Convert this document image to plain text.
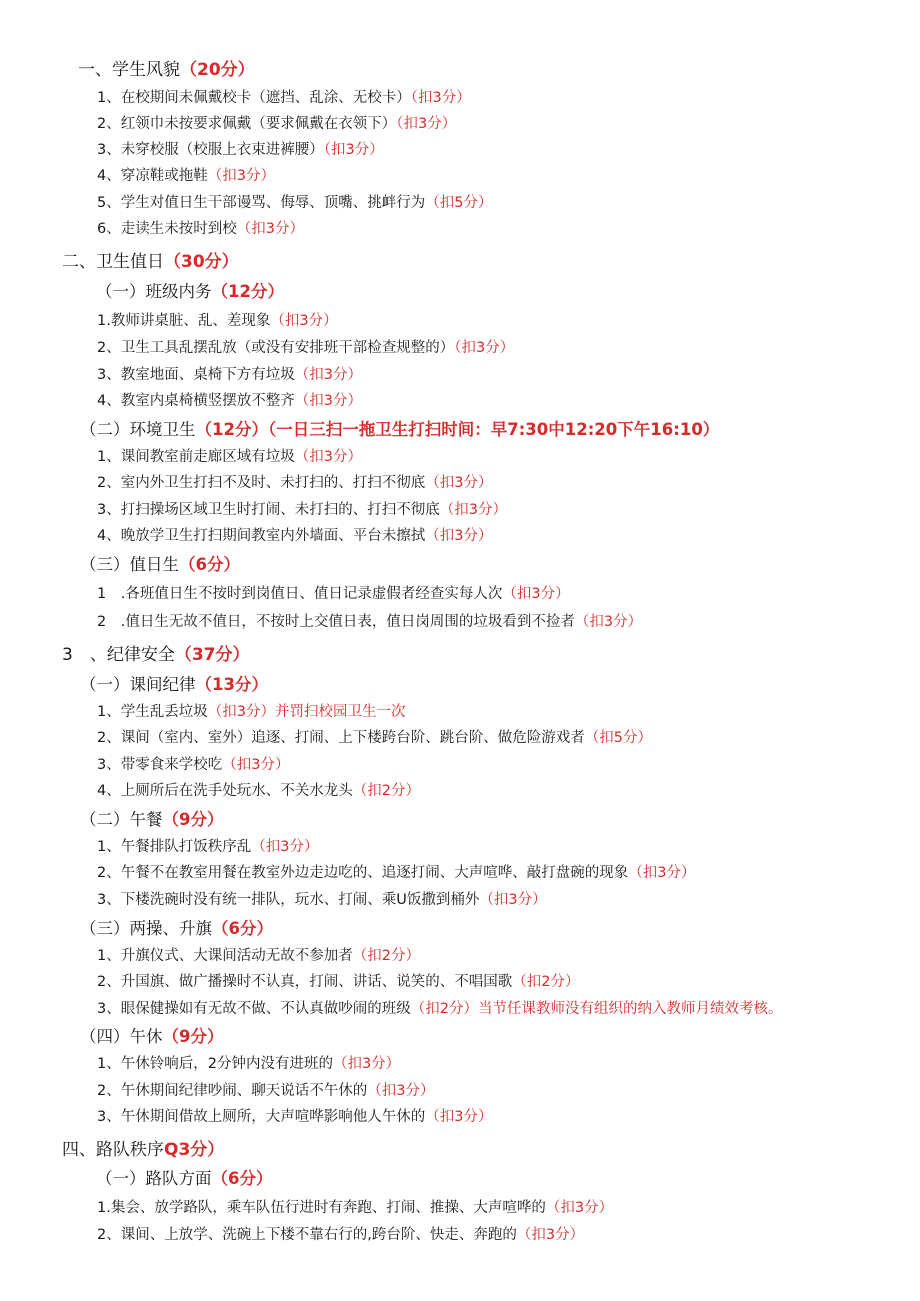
一、学生风貌（20分）
1、在校期间未佩戴校卡（遮挡、乱涂、无校卡）（扣3分）
2、红领巾未按要求佩戴（要求佩戴在衣领下）（扣3分）
3、未穿校服（校服上衣束进裤腰）（扣3分）
4、穿凉鞋或拖鞋（扣3分）
5、学生对值日生干部谩骂、侮辱、顶嘴、挑衅行为（扣5分）
6、走读生未按时到校（扣3分）
二、卫生值日（30分）
（一）班级内务（12分）
1.教师讲桌脏、乱、差现象（扣3分）
2、卫生工具乱摆乱放（或没有安排班干部检查规整的）（扣3分）
3、教室地面、桌椅下方有垃圾（扣3分）
4、教室内桌椅横竖摆放不整齐（扣3分）
（二）环境卫生（12分）（一日三扫一拖卫生打扫时间：早7:30中12:20下午16:10）
1、课间教室前走廊区域有垃圾（扣3分）
2、室内外卫生打扫不及时、未打扫的、打扫不彻底（扣3分）
3、打扫操场区域卫生时打闹、未打扫的、打扫不彻底（扣3分）
4、晚放学卫生打扫期间教室内外墙面、平台未擦拭（扣3分）
（三）值日生（6分）
1　.各班值日生不按时到岗值日、值日记录虚假者经查实每人次（扣3分）
2　.值日生无故不值日，不按时上交值日表，值日岗周围的垃圾看到不捡者（扣3分）
3　、纪律安全（37分）
（一）课间纪律（13分）
1、学生乱丢垃圾（扣3分）并罚扫校园卫生一次
2、课间（室内、室外）追逐、打闹、上下楼跨台阶、跳台阶、做危险游戏者（扣5分）
3、带零食来学校吃（扣3分）
4、上厕所后在洗手处玩水、不关水龙头（扣2分）
（二）午餐（9分）
1、午餐排队打饭秩序乱（扣3分）
2、午餐不在教室用餐在教室外边走边吃的、追逐打闹、大声喧哗、敲打盘碗的现象（扣3分）
3、下楼洗碗时没有统一排队，玩水、打闹、乘U饭撒到桶外（扣3分）
（三）两操、升旗（6分）
1、升旗仪式、大课间活动无故不参加者（扣2分）
2、升国旗、做广播操时不认真，打闹、讲话、说笑的、不唱国歌（扣2分）
3、眼保健操如有无故不做、不认真做吵闹的班级（扣2分）当节任课教师没有组织的纳入教师月绩效考核。
（四）午休（9分）
1、午休铃响后，2分钟内没有进班的（扣3分）
2、午休期间纪律吵闹、聊天说话不午休的（扣3分）
3、午休期间借故上厕所，大声喧哗影响他人午休的（扣3分）
四、路队秩序Q3分）
（一）路队方面（6分）
1.集会、放学路队，乘车队伍行进时有奔跑、打闹、推操、大声喧哗的（扣3分）
2、课间、上放学、洗碗上下楼不靠右行的,跨台阶、快走、奔跑的（扣3分）
